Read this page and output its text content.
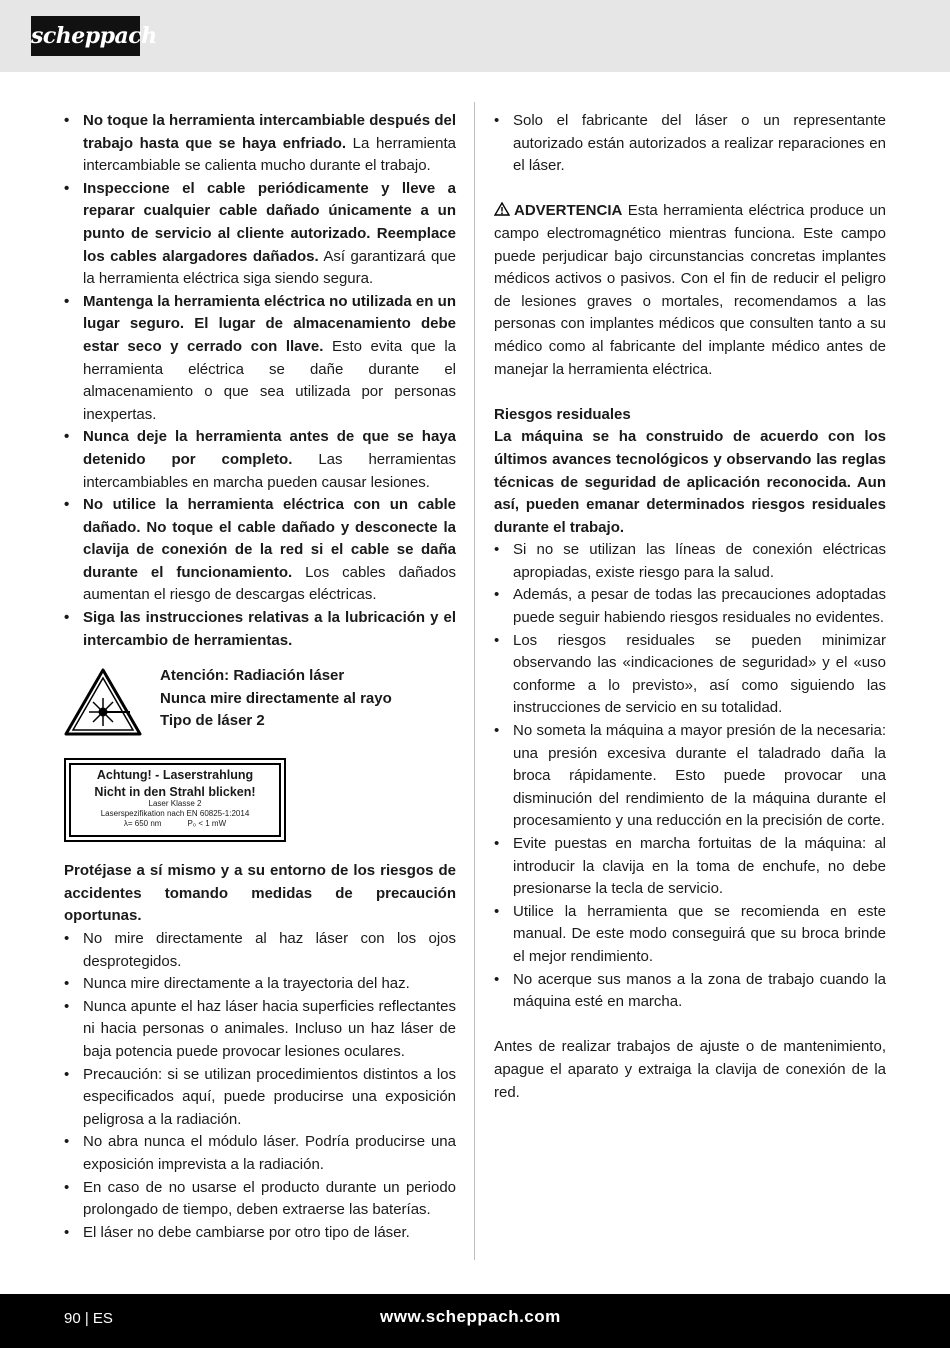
scheppach
• No toque la herramienta intercambiable después del trabajo hasta que se haya enfriado. La herramienta intercambiable se calienta mucho durante el trabajo.
• Inspeccione el cable periódicamente y lleve a reparar cualquier cable dañado únicamente a un punto de servicio al cliente autorizado. Reemplace los cables alargadores dañados. Así garantizará que la herramienta eléctrica siga siendo segura.
• Mantenga la herramienta eléctrica no utilizada en un lugar seguro. El lugar de almacenamiento debe estar seco y cerrado con llave. Esto evita que la herramienta eléctrica se dañe durante el almacenamiento o que sea utilizada por personas inexpertas.
• Nunca deje la herramienta antes de que se haya detenido por completo. Las herramientas intercambiables en marcha pueden causar lesiones.
• No utilice la herramienta eléctrica con un cable dañado. No toque el cable dañado y desconecte la clavija de conexión de la red si el cable se daña durante el funcionamiento. Los cables dañados aumentan el riesgo de descargas eléctricas.
• Siga las instrucciones relativas a la lubricación y el intercambio de herramientas.
Atención: Radiación láser
Nunca mire directamente al rayo
Tipo de láser 2
Achtung! - Laserstrahlung
Nicht in den Strahl blicken!
Laser Klasse 2
Laserspezifikation nach EN 60825-1:2014
λ= 650 nm	P₀ < 1 mW

Protéjase a sí mismo y a su entorno de los riesgos de accidentes tomando medidas de precaución oportunas.

• No mire directamente al haz láser con los ojos desprotegidos.
• Nunca mire directamente a la trayectoria del haz.
• Nunca apunte el haz láser hacia superficies reflectantes ni hacia personas o animales. Incluso un haz láser de baja potencia puede provocar lesiones oculares.
• Precaución: si se utilizan procedimientos distintos a los especificados aquí, puede producirse una exposición peligrosa a la radiación.
• No abra nunca el módulo láser. Podría producirse una exposición imprevista a la radiación.
• En caso de no usarse el producto durante un periodo prolongado de tiempo, deben extraerse las baterías.
• El láser no debe cambiarse por otro tipo de láser.
• Solo el fabricante del láser o un representante autorizado están autorizados a realizar reparaciones en el láser.

ADVERTENCIA Esta herramienta eléctrica produce un campo electromagnético mientras funciona. Este campo puede perjudicar bajo circunstancias concretas implantes médicos activos o pasivos. Con el fin de reducir el peligro de lesiones graves o mortales, recomendamos a las personas con implantes médicos que consulten tanto a su médico como al fabricante del implante médico antes de manejar la herramienta eléctrica.

Riesgos residuales

La máquina se ha construido de acuerdo con los últimos avances tecnológicos y observando las reglas técnicas de seguridad de aplicación reconocida. Aun así, pueden emanar determinados riesgos residuales durante el trabajo.

• Si no se utilizan las líneas de conexión eléctricas apropiadas, existe riesgo para la salud.
• Además, a pesar de todas las precauciones adoptadas puede seguir habiendo riesgos residuales no evidentes.
• Los riesgos residuales se pueden minimizar observando las «indicaciones de seguridad» y el «uso conforme a lo previsto», así como siguiendo las instrucciones de servicio en su totalidad.
• No someta la máquina a mayor presión de la necesaria: una presión excesiva durante el taladrado daña la broca rápidamente. Esto puede provocar una disminución del rendimiento de la máquina durante el procesamiento y una reducción en la precisión de corte.
• Evite puestas en marcha fortuitas de la máquina: al introducir la clavija en la toma de enchufe, no debe presionarse la tecla de servicio.
• Utilice la herramienta que se recomienda en este manual. De este modo conseguirá que su broca brinde el mejor rendimiento.
• No acerque sus manos a la zona de trabajo cuando la máquina esté en marcha.

Antes de realizar trabajos de ajuste o de mantenimiento, apague el aparato y extraiga la clavija de conexión de la red.

90 | ES	www.scheppach.com
